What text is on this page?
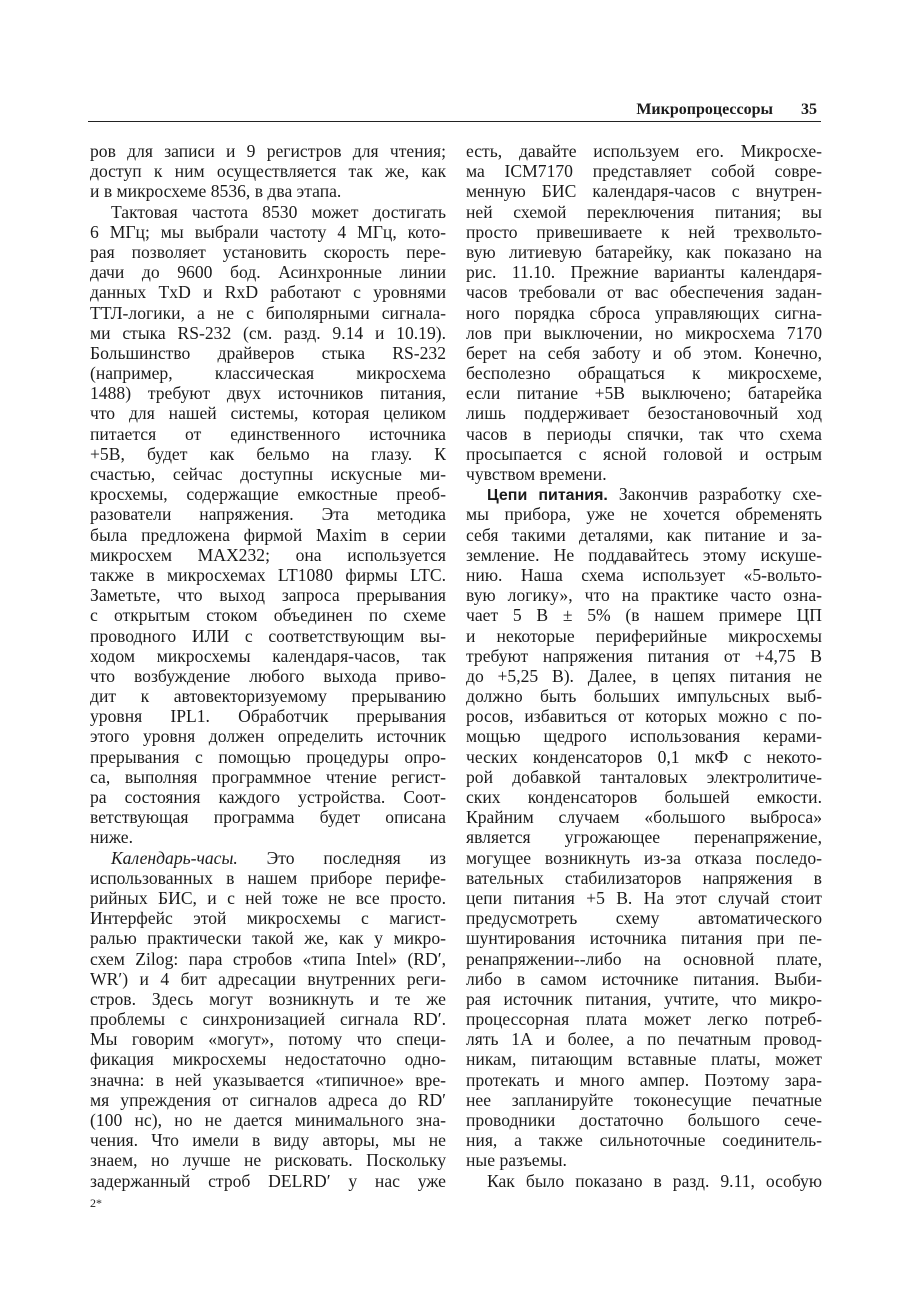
Микропроцессоры 35
ров для записи и 9 регистров для чтения;
доступ к ним осуществляется так же, как
и в микросхеме 8536, в два этапа.
Тактовая частота 8530 может достигать
6 МГц; мы выбрали частоту 4 МГц, кото-
рая позволяет установить скорость пере-
дачи до 9600 бод. Асинхронные линии
данных TxD и RxD работают с уровнями
ТТЛ-логики, а не с биполярными сигнала-
ми стыка RS-232 (см. разд. 9.14 и 10.19).
Большинство драйверов стыка RS-232
(например, классическая микросхема
1488) требуют двух источников питания,
что для нашей системы, которая целиком
питается от единственного источника
+5В, будет как бельмо на глазу. К
счастью, сейчас доступны искусные ми-
кросхемы, содержащие емкостные преоб-
разователи напряжения. Эта методика
была предложена фирмой Maxim в серии
микросхем MAX232; она используется
также в микросхемах LT1080 фирмы LTC.
Заметьте, что выход запроса прерывания
с открытым стоком объединен по схеме
проводного ИЛИ с соответствующим вы-
ходом микросхемы календаря-часов, так
что возбуждение любого выхода приво-
дит к автовекторизуемому прерыванию
уровня IPL1. Обработчик прерывания
этого уровня должен определить источник
прерывания с помощью процедуры опро-
са, выполняя программное чтение регист-
ра состояния каждого устройства. Соот-
ветствующая программа будет описана
ниже.
Календарь-часы. Это последняя из
использованных в нашем приборе перифе-
рийных БИС, и с ней тоже не все просто.
Интерфейс этой микросхемы с магист-
ралью практически такой же, как у микро-
схем Zilog: пара стробов «типа Intel» (RD′,
WR′) и 4 бит адресации внутренних реги-
стров. Здесь могут возникнуть и те же
проблемы с синхронизацией сигнала RD′.
Мы говорим «могут», потому что специ-
фикация микросхемы недостаточно одно-
значна: в ней указывается «типичное» вре-
мя упреждения от сигналов адреса до RD′
(100 нс), но не дается минимального зна-
чения. Что имели в виду авторы, мы не
знаем, но лучше не рисковать. Поскольку
задержанный строб DELRD′ у нас уже
есть, давайте используем его. Микросхе-
ма ICM7170 представляет собой совре-
менную БИС календаря-часов с внутрен-
ней схемой переключения питания; вы
просто привешиваете к ней трехвольто-
вую литиевую батарейку, как показано на
рис. 11.10. Прежние варианты календаря-
часов требовали от вас обеспечения задан-
ного порядка сброса управляющих сигна-
лов при выключении, но микросхема 7170
берет на себя заботу и об этом. Конечно,
бесполезно обращаться к микросхеме,
если питание +5В выключено; батарейка
лишь поддерживает безостановочный ход
часов в периоды спячки, так что схема
просыпается с ясной головой и острым
чувством времени.
Цепи питания. Закончив разработку схе-
мы прибора, уже не хочется обременять
себя такими деталями, как питание и за-
земление. Не поддавайтесь этому искуше-
нию. Наша схема использует «5-вольто-
вую логику», что на практике часто озна-
чает 5 В ± 5% (в нашем примере ЦП
и некоторые периферийные микросхемы
требуют напряжения питания от +4,75 В
до +5,25 В). Далее, в цепях питания не
должно быть больших импульсных выб-
росов, избавиться от которых можно с по-
мощью щедрого использования керами-
ческих конденсаторов 0,1 мкФ с некото-
рой добавкой танталовых электролитиче-
ских конденсаторов большей емкости.
Крайним случаем «большого выброса»
является угрожающее перенапряжение,
могущее возникнуть из-за отказа последо-
вательных стабилизаторов напряжения в
цепи питания +5 В. На этот случай стоит
предусмотреть схему автоматического
шунтирования источника питания при пе-
ренапряжении--либо на основной плате,
либо в самом источнике питания. Выби-
рая источник питания, учтите, что микро-
процессорная плата может легко потреб-
лять 1А и более, а по печатным провод-
никам, питающим вставные платы, может
протекать и много ампер. Поэтому зара-
нее запланируйте токонесущие печатные
проводники достаточно большого сече-
ния, а также сильноточные соединитель-
ные разъемы.
Как было показано в разд. 9.11, особую
2*
